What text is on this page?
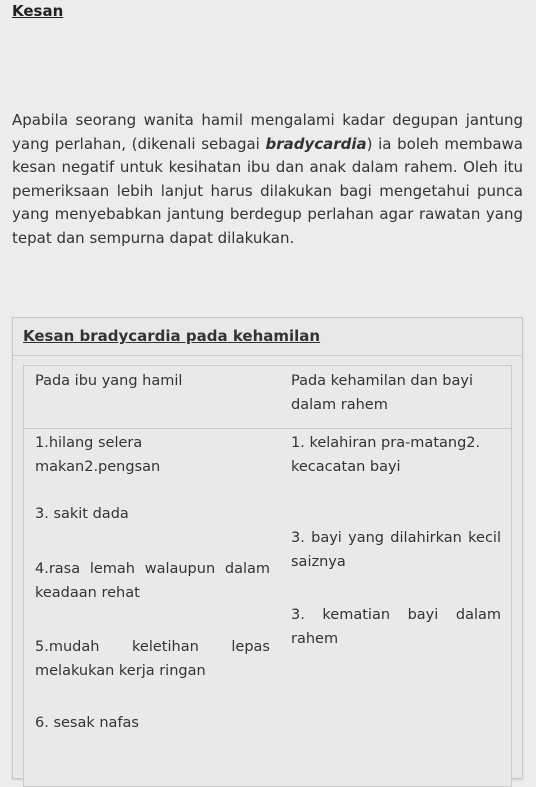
Kesan
Apabila seorang wanita hamil mengalami kadar degupan jantung yang perlahan, (dikenali sebagai bradycardia) ia boleh membawa kesan negatif untuk kesihatan ibu dan anak dalam rahem. Oleh itu pemeriksaan lebih lanjut harus dilakukan bagi mengetahui punca yang menyebabkan jantung berdegup perlahan agar rawatan yang tepat dan sempurna dapat dilakukan.
Kesan bradycardia pada kehamilan
Pada ibu yang hamil	Pada kehamilan dan bayi dalam rahem
1.hilang selera makan2.pengsan
3. sakit dada
4.rasa lemah walaupun dalam keadaan rehat
5.mudah keletihan lepas melakukan kerja ringan
6. sesak nafas
1. kelahiran pra-matang2. kecacatan bayi
3. bayi yang dilahirkan kecil saiznya
3. kematian bayi dalam rahem
